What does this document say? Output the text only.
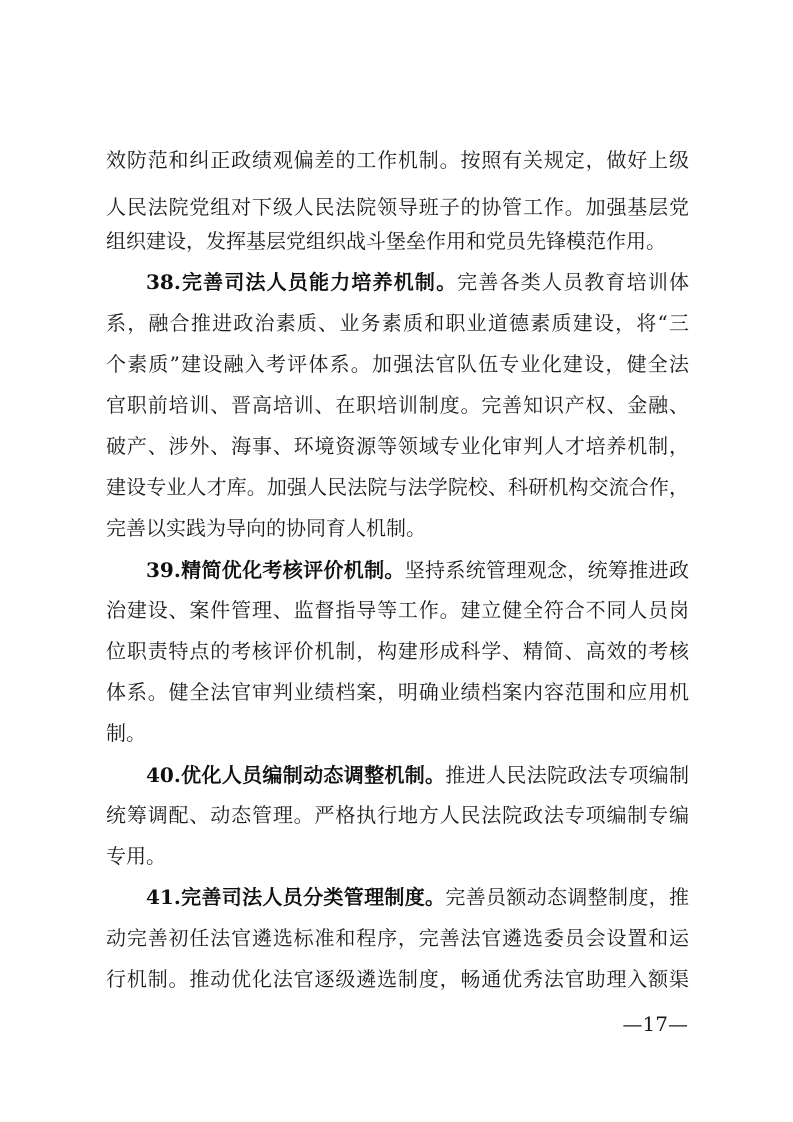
效防范和纠正政绩观偏差的工作机制。按照有关规定，做好上级
人民法院党组对下级人民法院领导班子的协管工作。加强基层党
组织建设，发挥基层党组织战斗堡垒作用和党员先锋模范作用。
38.完善司法人员能力培养机制。完善各类人员教育培训体
系，融合推进政治素质、业务素质和职业道德素质建设，将“三
个素质”建设融入考评体系。加强法官队伍专业化建设，健全法
官职前培训、晋高培训、在职培训制度。完善知识产权、金融、
破产、涉外、海事、环境资源等领域专业化审判人才培养机制，
建设专业人才库。加强人民法院与法学院校、科研机构交流合作，
完善以实践为导向的协同育人机制。
39.精简优化考核评价机制。坚持系统管理观念，统筹推进政
治建设、案件管理、监督指导等工作。建立健全符合不同人员岗
位职责特点的考核评价机制，构建形成科学、精简、高效的考核
体系。健全法官审判业绩档案，明确业绩档案内容范围和应用机
制。
40.优化人员编制动态调整机制。推进人民法院政法专项编制
统筹调配、动态管理。严格执行地方人民法院政法专项编制专编
专用。
41.完善司法人员分类管理制度。完善员额动态调整制度，推
动完善初任法官遴选标准和程序，完善法官遴选委员会设置和运
行机制。推动优化法官逐级遴选制度，畅通优秀法官助理入额渠
—17—
